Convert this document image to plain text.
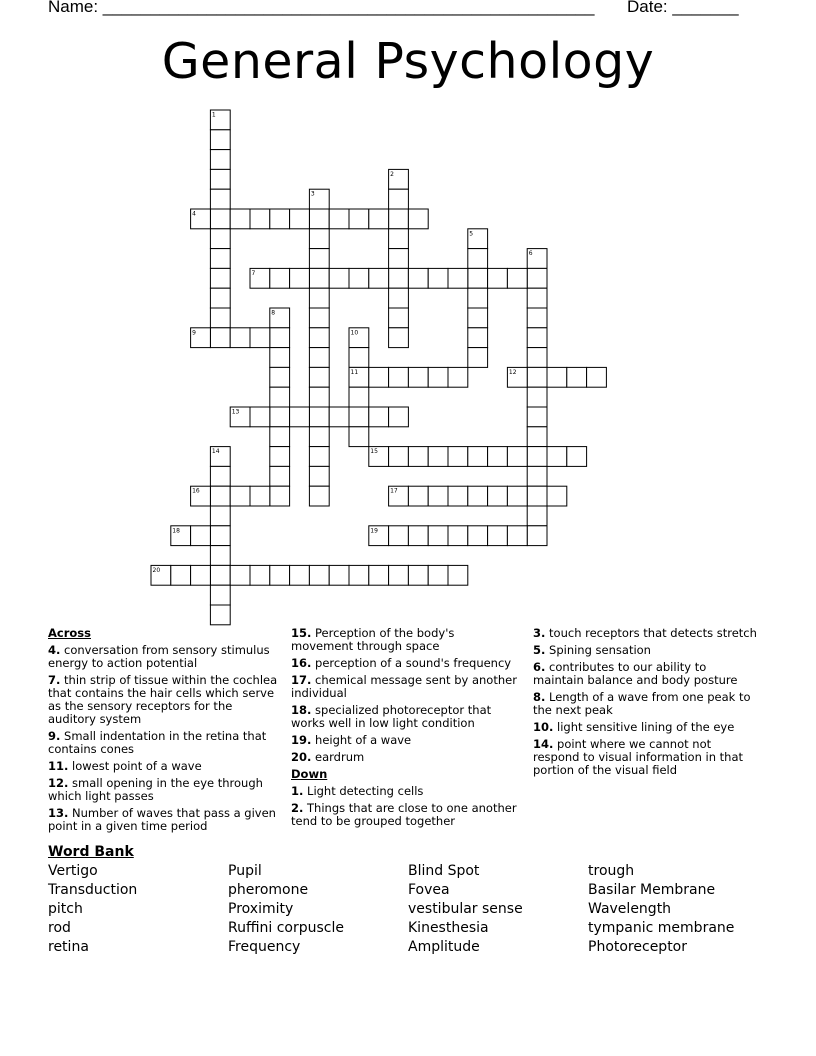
Name: ____________________________________________________ Date: _______
General Psychology
1
2
3
4
5
6
7
8
9	10
11	12
13
14	15
16	17
18	19
20
Across
4. conversation from sensory stimulus energy to action potential
7. thin strip of tissue within the cochlea that contains the hair cells which serve as the sensory receptors for the auditory system
9. Small indentation in the retina that contains cones
11. lowest point of a wave
12. small opening in the eye through which light passes
13. Number of waves that pass a given point in a given time period
15. Perception of the body's movement through space
16. perception of a sound's frequency
17. chemical message sent by another individual
18. specialized photoreceptor that works well in low light condition
19. height of a wave
20. eardrum
Down
1. Light detecting cells
2. Things that are close to one another tend to be grouped together
3. touch receptors that detects stretch
5. Spining sensation
6. contributes to our ability to maintain balance and body posture
8. Length of a wave from one peak to the next peak
10. light sensitive lining of the eye
14. point where we cannot not respond to visual information in that portion of the visual field
Word Bank
Vertigo
Transduction
pitch
rod
retina
Pupil
pheromone
Proximity
Ruffini corpuscle
Frequency
Blind Spot
Fovea
vestibular sense
Kinesthesia
Amplitude
trough
Basilar Membrane
Wavelength
tympanic membrane
Photoreceptor
